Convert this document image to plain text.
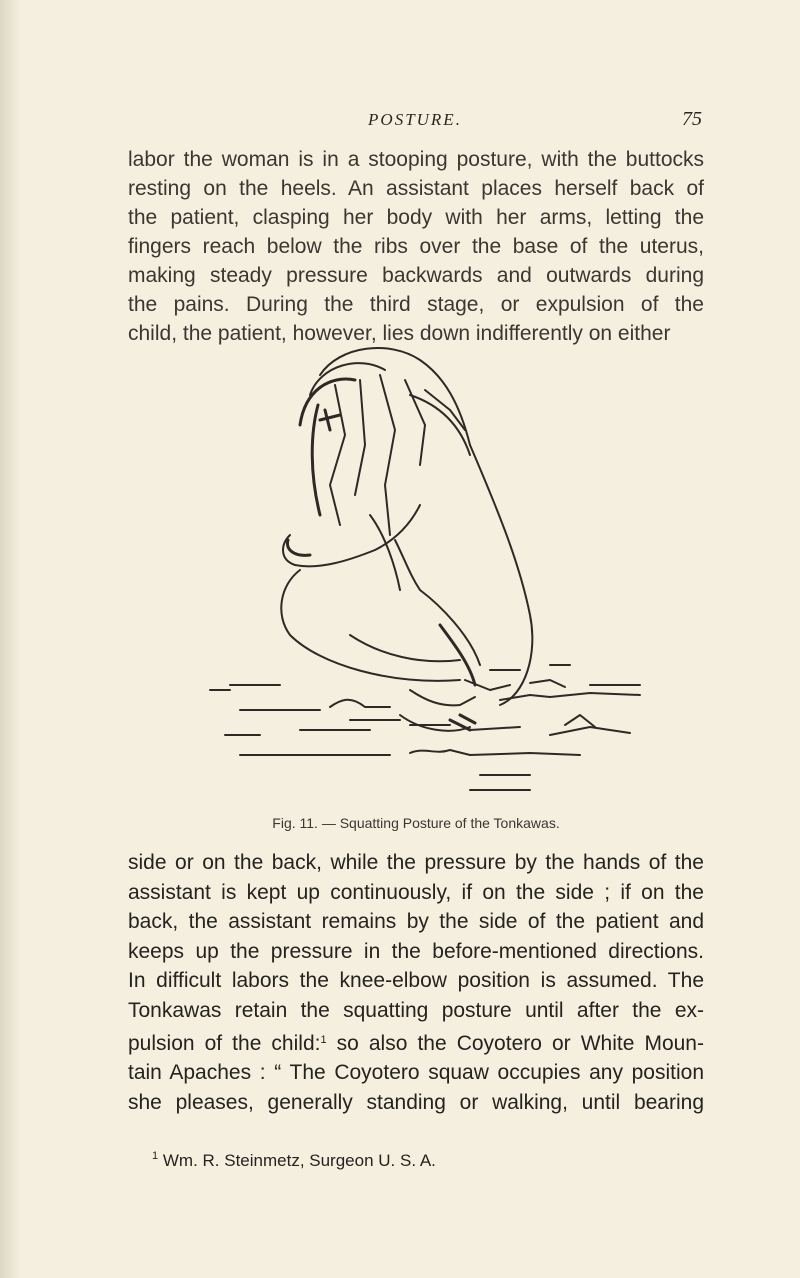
POSTURE.	75

labor the woman is in a stooping posture, with the buttocks
resting on the heels. An assistant places herself back of
the patient, clasping her body with her arms, letting the
fingers reach below the ribs over the base of the uterus,
making steady pressure backwards and outwards during
the pains. During the third stage, or expulsion of the
child, the patient, however, lies down indifferently on either

Fig. 11. — Squatting Posture of the Tonkawas.

side or on the back, while the pressure by the hands of the
assistant is kept up continuously, if on the side ; if on the
back, the assistant remains by the side of the patient and
keeps up the pressure in the before-mentioned directions.
In difficult labors the knee-elbow position is assumed. The
Tonkawas retain the squatting posture until after the ex-
pulsion of the child:$^1$ so also the Coyotero or White Moun-
tain Apaches : “ The Coyotero squaw occupies any position
she pleases, generally standing or walking, until bearing

$^1$ Wm. R. Steinmetz, Surgeon U. S. A.
